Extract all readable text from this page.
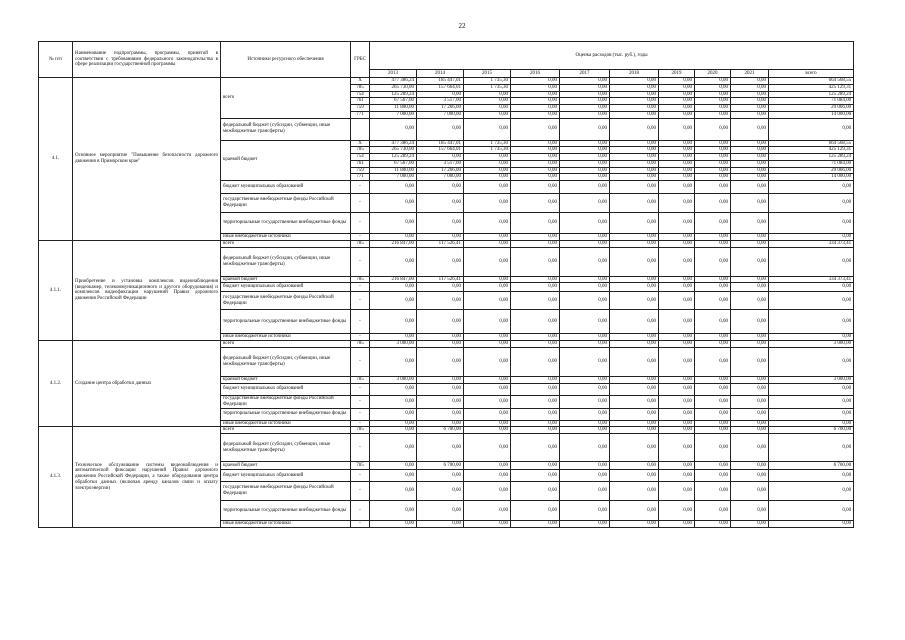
22
№ п/п	Наименование подпрограммы, программы, принятой в соответствии с требованиями федерального законодательства в сфере реализации государственной программы	Источники ресурсного обеспечения	ГРБС	Оценка расходов (тыс. руб.), годы									
				2013	2014	2015	2016	2017	2018	2019	2020	2021	всего
4.1.	Основное мероприятие "Повышение безопасности дорожного движения в Приморском крае"	всего	X	477 386,24	185 447,01	1 735,30	0,00	0,00	0,00	0,00	0,00	0,00	664 568,55
			785	265 730,00	157 664,01	1 735,30	0,00	0,00	0,00	0,00	0,00	0,00	425 129,31
			754	125 289,24	0,00	0,00	0,00	0,00	0,00	0,00	0,00	0,00	125 289,24
			761	67 567,00	3 517,00	0,00	0,00	0,00	0,00	0,00	0,00	0,00	71 084,00
			759	11 800,00	17 266,00	0,00	0,00	0,00	0,00	0,00	0,00	0,00	29 066,00
			771	7 000,00	7 000,00	0,00	0,00	0,00	0,00	0,00	0,00	0,00	14 000,00
		федеральный бюджет (субсидии, субвенции, иные межбюджетные трансферты)		0,00	0,00	0,00	0,00	0,00	0,00	0,00	0,00	0,00	0,00
		краевой бюджет	X	477 386,24	185 447,01	1 735,30	0,00	0,00	0,00	0,00	0,00	0,00	664 568,55
			785	265 730,00	157 664,01	1 735,30	0,00	0,00	0,00	0,00	0,00	0,00	425 129,31
			754	125 289,24	0,00	0,00	0,00	0,00	0,00	0,00	0,00	0,00	125 289,24
			761	67 567,00	3 517,00	0,00	0,00	0,00	0,00	0,00	0,00	0,00	71 084,00
			759	11 800,00	17 266,00	0,00	0,00	0,00	0,00	0,00	0,00	0,00	29 066,00
			771	7 000,00	7 000,00	0,00	0,00	0,00	0,00	0,00	0,00	0,00	14 000,00
		бюджет муниципальных образований	-	0,00	0,00	0,00	0,00	0,00	0,00	0,00	0,00	0,00	0,00
		государственные внебюджетные фонды Российской Федерации	-	0,00	0,00	0,00	0,00	0,00	0,00	0,00	0,00	0,00	0,00
		территориальные государственные внебюджетные фонды	-	0,00	0,00	0,00	0,00	0,00	0,00	0,00	0,00	0,00	0,00
		иные внебюджетные источники	-	0,00	0,00	0,00	0,00	0,00	0,00	0,00	0,00	0,00	0,00
4.1.1.	Приобретение и установка комплексов видеонаблюдения (видеокамер, телекоммуникационного и другого оборудования) и комплексов видеофиксации нарушений Правил дорожного движения Российской Федерации	всего	785	216 847,00	117 526,41	0,00	0,00	0,00	0,00	0,00	0,00	0,00	334 373,41
		федеральный бюджет (субсидии, субвенции, иные межбюджетные трансферты)	-	0,00	0,00	0,00	0,00	0,00	0,00	0,00	0,00	0,00	0,00
		краевой бюджет	785	216 847,00	117 526,41	0,00	0,00	0,00	0,00	0,00	0,00	0,00	334 373,41
		бюджет муниципальных образований	-	0,00	0,00	0,00	0,00	0,00	0,00	0,00	0,00	0,00	0,00
		государственные внебюджетные фонды Российской Федерации	-	0,00	0,00	0,00	0,00	0,00	0,00	0,00	0,00	0,00	0,00
		территориальные государственные внебюджетные фонды	-	0,00	0,00	0,00	0,00	0,00	0,00	0,00	0,00	0,00	0,00
		иные внебюджетные источники	-	0,00	0,00	0,00	0,00	0,00	0,00	0,00	0,00	0,00	0,00
4.1.2.	Создание центра обработки данных	всего	785	3 000,00	0,00	0,00	0,00	0,00	0,00	0,00	0,00	0,00	3 000,00
		федеральный бюджет (субсидии, субвенции, иные межбюджетные трансферты)	-	0,00	0,00	0,00	0,00	0,00	0,00	0,00	0,00	0,00	0,00
		краевой бюджет	785	3 000,00	0,00	0,00	0,00	0,00	0,00	0,00	0,00	0,00	3 000,00
		бюджет муниципальных образований	-	0,00	0,00	0,00	0,00	0,00	0,00	0,00	0,00	0,00	0,00
		государственные внебюджетные фонды Российской Федерации	-	0,00	0,00	0,00	0,00	0,00	0,00	0,00	0,00	0,00	0,00
		территориальные государственные внебюджетные фонды	-	0,00	0,00	0,00	0,00	0,00	0,00	0,00	0,00	0,00	0,00
		иные внебюджетные источники	-	0,00	0,00	0,00	0,00	0,00	0,00	0,00	0,00	0,00	0,00
4.1.3.	Техническое обслуживание системы видеонаблюдения и автоматической фиксации нарушений Правил дорожного движения Российской Федерации, а также оборудования центра обработки данных (включая аренду каналов связи и оплату электроэнергии)	всего	785	0,00	6 700,00	0,00	0,00	0,00	0,00	0,00	0,00	0,00	6 700,00
		федеральный бюджет (субсидии, субвенции, иные межбюджетные трансферты)	-	0,00	0,00	0,00	0,00	0,00	0,00	0,00	0,00	0,00	0,00
		краевой бюджет	785	0,00	6 700,00	0,00	0,00	0,00	0,00	0,00	0,00	0,00	6 700,00
		бюджет муниципальных образований	-	0,00	0,00	0,00	0,00	0,00	0,00	0,00	0,00	0,00	0,00
		государственные внебюджетные фонды Российской Федерации	-	0,00	0,00	0,00	0,00	0,00	0,00	0,00	0,00	0,00	0,00
		территориальные государственные внебюджетные фонды	-	0,00	0,00	0,00	0,00	0,00	0,00	0,00	0,00	0,00	0,00
		иные внебюджетные источники	-	0,00	0,00	0,00	0,00	0,00	0,00	0,00	0,00	0,00	0,00
